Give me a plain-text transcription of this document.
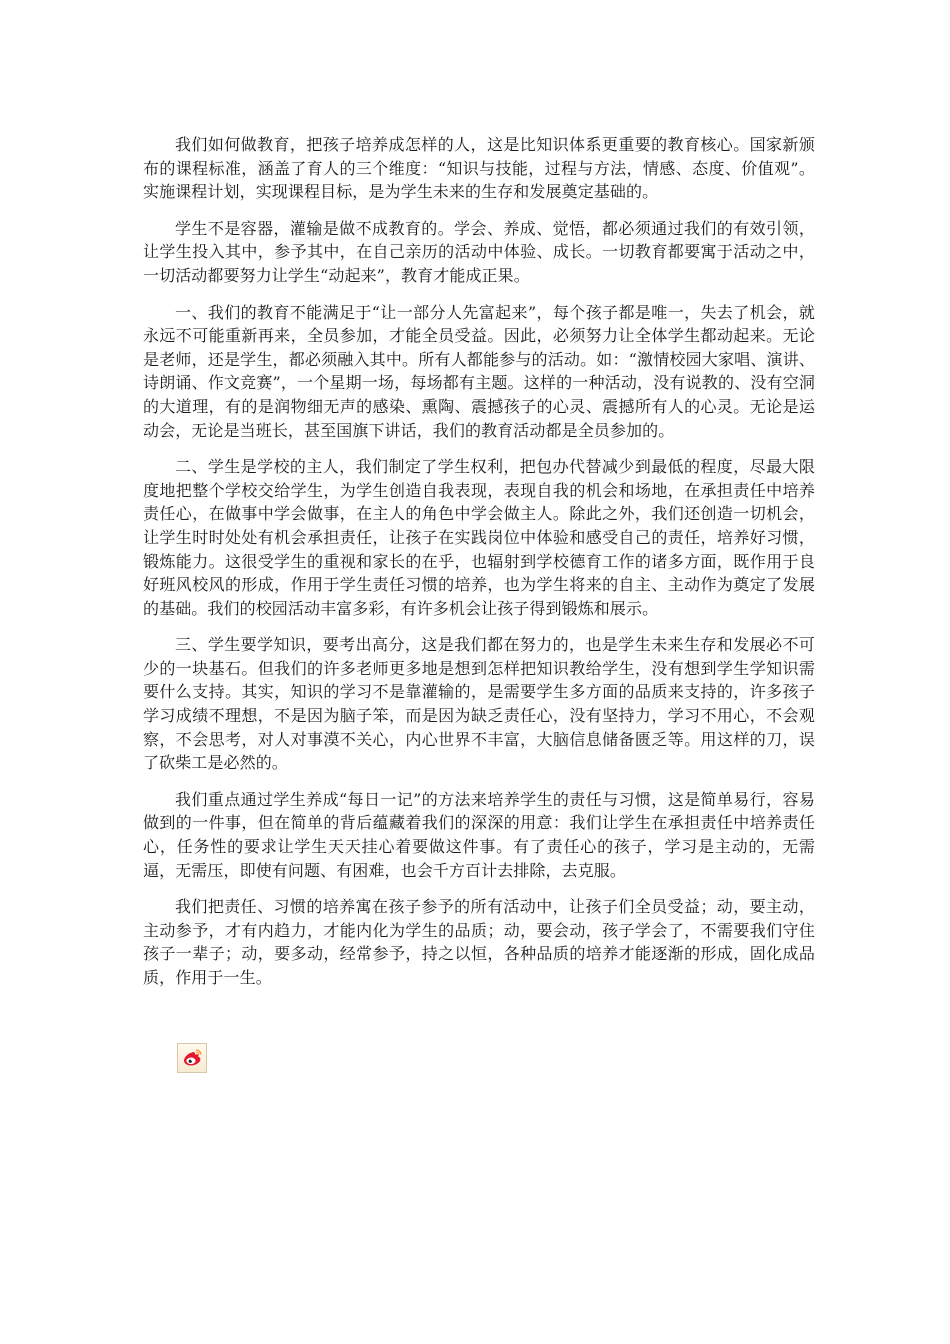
我们如何做教育，把孩子培养成怎样的人，这是比知识体系更重要的教育核心。国家新颁布的课程标准，涵盖了育人的三个维度：“知识与技能，过程与方法，情感、态度、价值观”。实施课程计划，实现课程目标，是为学生未来的生存和发展奠定基础的。

学生不是容器，灌输是做不成教育的。学会、养成、觉悟，都必须通过我们的有效引领，让学生投入其中，参予其中，在自己亲历的活动中体验、成长。一切教育都要寓于活动之中，一切活动都要努力让学生“动起来”，教育才能成正果。

一、我们的教育不能满足于“让一部分人先富起来”，每个孩子都是唯一，失去了机会，就永远不可能重新再来，全员参加，才能全员受益。因此，必须努力让全体学生都动起来。无论是老师，还是学生，都必须融入其中。所有人都能参与的活动。如：“激情校园大家唱、演讲、诗朗诵、作文竞赛”，一个星期一场，每场都有主题。这样的一种活动，没有说教的、没有空洞的大道理，有的是润物细无声的感染、熏陶、震撼孩子的心灵、震撼所有人的心灵。无论是运动会，无论是当班长，甚至国旗下讲话，我们的教育活动都是全员参加的。

二、学生是学校的主人，我们制定了学生权利，把包办代替减少到最低的程度，尽最大限度地把整个学校交给学生，为学生创造自我表现，表现自我的机会和场地，在承担责任中培养责任心，在做事中学会做事，在主人的角色中学会做主人。除此之外，我们还创造一切机会，让学生时时处处有机会承担责任，让孩子在实践岗位中体验和感受自己的责任，培养好习惯，锻炼能力。这很受学生的重视和家长的在乎，也辐射到学校德育工作的诸多方面，既作用于良好班风校风的形成，作用于学生责任习惯的培养，也为学生将来的自主、主动作为奠定了发展的基础。我们的校园活动丰富多彩，有许多机会让孩子得到锻炼和展示。

三、学生要学知识，要考出高分，这是我们都在努力的，也是学生未来生存和发展必不可少的一块基石。但我们的许多老师更多地是想到怎样把知识教给学生，没有想到学生学知识需要什么支持。其实，知识的学习不是靠灌输的，是需要学生多方面的品质来支持的，许多孩子学习成绩不理想，不是因为脑子笨，而是因为缺乏责任心，没有坚持力，学习不用心，不会观察，不会思考，对人对事漠不关心，内心世界不丰富，大脑信息储备匮乏等。用这样的刀，误了砍柴工是必然的。

我们重点通过学生养成“每日一记”的方法来培养学生的责任与习惯，这是简单易行，容易做到的一件事，但在简单的背后蕴藏着我们的深深的用意：我们让学生在承担责任中培养责任心，任务性的要求让学生天天挂心着要做这件事。有了责任心的孩子，学习是主动的，无需逼，无需压，即使有问题、有困难，也会千方百计去排除，去克服。

我们把责任、习惯的培养寓在孩子参予的所有活动中，让孩子们全员受益；动，要主动，主动参予，才有内趋力，才能内化为学生的品质；动，要会动，孩子学会了，不需要我们守住孩子一辈子；动，要多动，经常参予，持之以恒，各种品质的培养才能逐渐的形成，固化成品质，作用于一生。
